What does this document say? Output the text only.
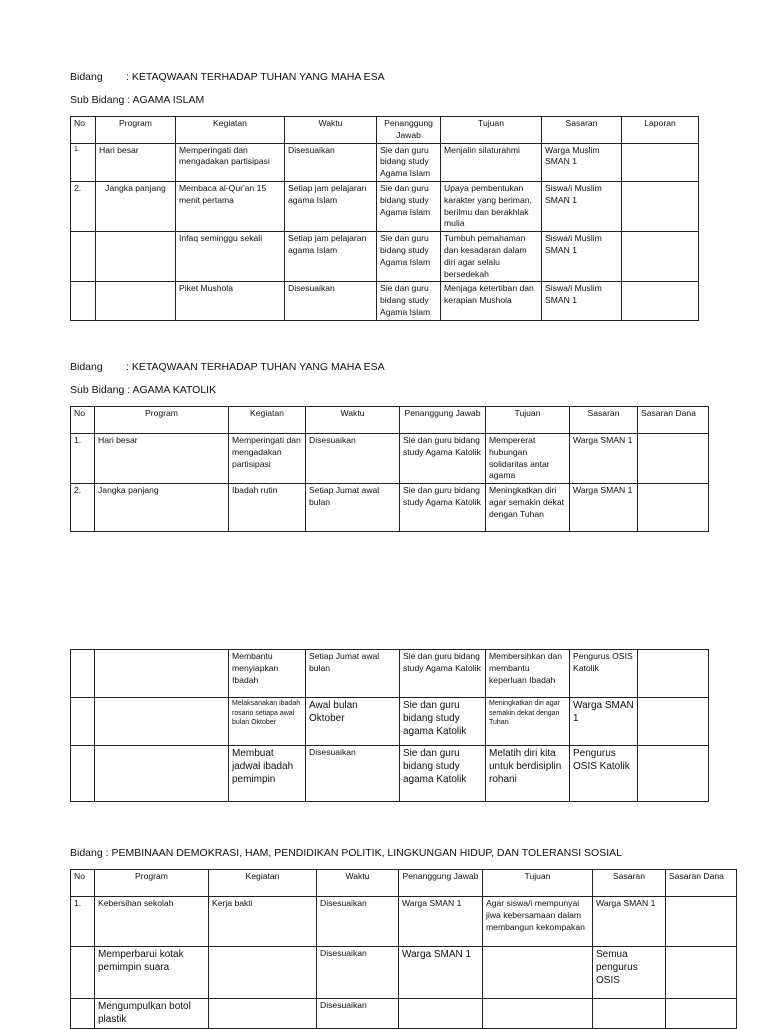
Bidang : KETAQWAAN TERHADAP TUHAN YANG MAHA ESA
Sub Bidang : AGAMA ISLAM
No	Program	Kegiatan	Waktu	Penanggung Jawab	Tujuan	Sasaran	Laporan
1.	Hari besar	Memperingati dan mengadakan partisipasi	Disesuaikan	Sie dan guru bidang study Agama Islam	Menjalin silaturahmi	Warga Muslim SMAN 1	
2.	Jangka panjang	Membaca al-Qur'an 15 menit pertama	Setiap jam pelajaran agama Islam	Sie dan guru bidang study Agama Islam	Upaya pembentukan karakter yang beriman, berilmu dan berakhlak mulia	Siswa/i Muslim SMAN 1	
		Infaq seminggu sekali	Setiap jam pelajaran agama Islam	Sie dan guru bidang study Agama Islam	Tumbuh pemahaman dan kesadaran dalam diri agar selalu bersedekah	Siswa/i Muslim SMAN 1	
		Piket Mushola	Disesuaikan	Sie dan guru bidang study Agama Islam	Menjaga ketertiban dan kerapian Mushola	Siswa/i Muslim SMAN 1	
Bidang : KETAQWAAN TERHADAP TUHAN YANG MAHA ESA
Sub Bidang : AGAMA KATOLIK
No	Program	Kegiatan	Waktu	Penanggung Jawab	Tujuan	Sasaran	Sasaran Dana
1.	Hari besar	Memperingati dan mengadakan partisipasi	Disesuaikan	Sie dan guru bidang study Agama Katolik	Mempererat hubungan solidaritas antar agama	Warga SMAN 1	
2.	Jangka panjang	Ibadah rutin	Setiap Jumat awal bulan	Sie dan guru bidang study Agama Katolik	Meningkatkan diri agar semakin dekat dengan Tuhan	Warga SMAN 1	
		Membantu menyiapkan Ibadah	Setiap Jumat awal bulan	Sie dan guru bidang study Agama Katolik	Membersihkan dan membantu keperluan Ibadah	Pengurus OSIS Katolik	
		Melaksanakan ibadah rosario setiapa awal bulan Oktober	Awal bulan Oktober	Sie dan guru bidang study agama Katolik	Meningkatkan diri agar semakin dekat dengan Tuhan	Warga SMAN 1	
		Membuat jadwal ibadah pemimpin	Disesuaikan	Sie dan guru bidang study agama Katolik	Melatih diri kita untuk berdisiplin rohani	Pengurus OSIS Katolik	
Bidang : PEMBINAAN DEMOKRASI, HAM, PENDIDIKAN POLITIK, LINGKUNGAN HIDUP, DAN TOLERANSI SOSIAL
No	Program	Kegiatan	Waktu	Penanggung Jawab	Tujuan	Sasaran	Sasaran Dana
1.	Kebersihan sekolah	Kerja bakti	Disesuaikan	Warga SMAN 1	Agar siswa/i mempunyai jiwa kebersamaan dalam membangun kekompakan	Warga SMAN 1	
	Memperbarui kotak pemimpin suara		Disesuaikan	Warga SMAN 1		Semua pengurus OSIS	
	Mengumpulkan botol plastik		Disesuaikan				
